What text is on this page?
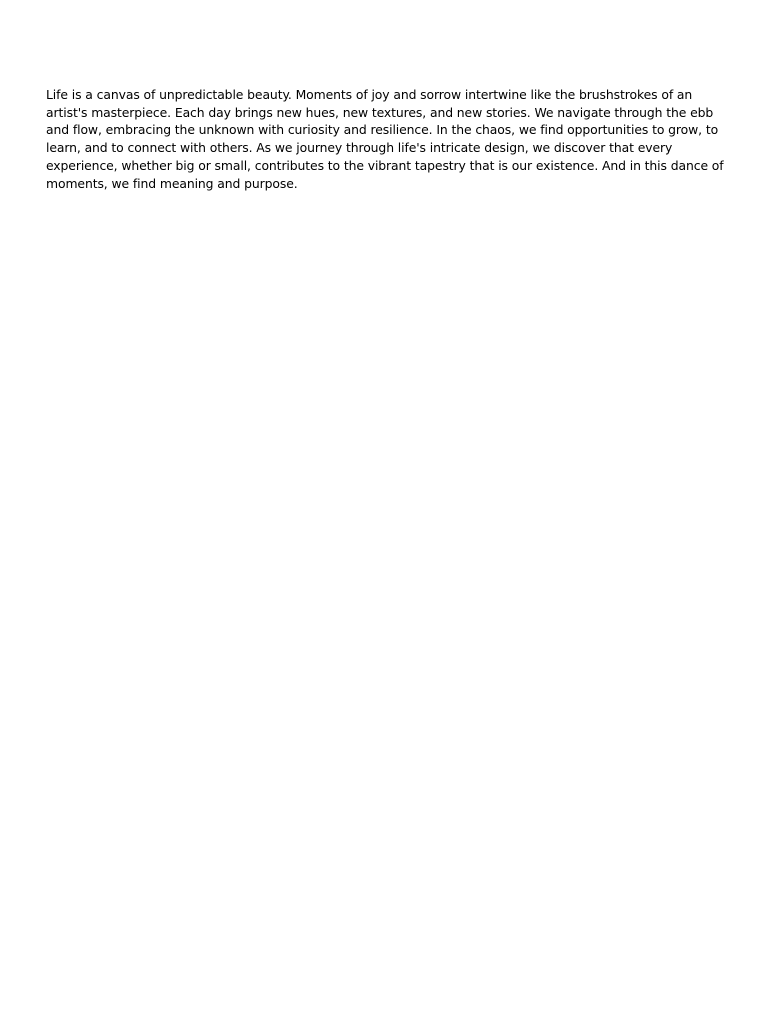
Life is a canvas of unpredictable beauty. Moments of joy and sorrow intertwine like the brushstrokes of an artist's masterpiece. Each day brings new hues, new textures, and new stories. We navigate through the ebb and flow, embracing the unknown with curiosity and resilience. In the chaos, we find opportunities to grow, to learn, and to connect with others. As we journey through life's intricate design, we discover that every experience, whether big or small, contributes to the vibrant tapestry that is our existence. And in this dance of moments, we find meaning and purpose.
